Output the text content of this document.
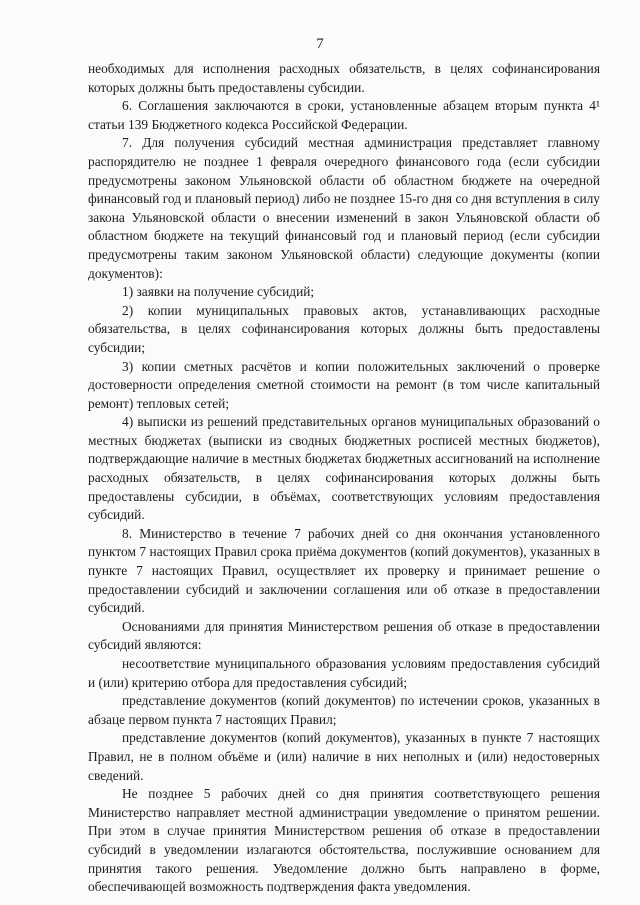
7

необходимых для исполнения расходных обязательств, в целях софинансирования которых должны быть предоставлены субсидии.

6. Соглашения заключаются в сроки, установленные абзацем вторым пункта 4¹ статьи 139 Бюджетного кодекса Российской Федерации.

7. Для получения субсидий местная администрация представляет главному распорядителю не позднее 1 февраля очередного финансового года (если субсидии предусмотрены законом Ульяновской области об областном бюджете на очередной финансовый год и плановый период) либо не позднее 15-го дня со дня вступления в силу закона Ульяновской области о внесении изменений в закон Ульяновской области об областном бюджете на текущий финансовый год и плановый период (если субсидии предусмотрены таким законом Ульяновской области) следующие документы (копии документов):

1) заявки на получение субсидий;

2) копии муниципальных правовых актов, устанавливающих расходные обязательства, в целях софинансирования которых должны быть предоставлены субсидии;

3) копии сметных расчётов и копии положительных заключений о проверке достоверности определения сметной стоимости на ремонт (в том числе капитальный ремонт) тепловых сетей;

4) выписки из решений представительных органов муниципальных образований о местных бюджетах (выписки из сводных бюджетных росписей местных бюджетов), подтверждающие наличие в местных бюджетах бюджетных ассигнований на исполнение расходных обязательств, в целях софинансирования которых должны быть предоставлены субсидии, в объёмах, соответствующих условиям предоставления субсидий.

8. Министерство в течение 7 рабочих дней со дня окончания установленного пунктом 7 настоящих Правил срока приёма документов (копий документов), указанных в пункте 7 настоящих Правил, осуществляет их проверку и принимает решение о предоставлении субсидий и заключении соглашения или об отказе в предоставлении субсидий.

Основаниями для принятия Министерством решения об отказе в предоставлении субсидий являются:

несоответствие муниципального образования условиям предоставления субсидий и (или) критерию отбора для предоставления субсидий;

представление документов (копий документов) по истечении сроков, указанных в абзаце первом пункта 7 настоящих Правил;

представление документов (копий документов), указанных в пункте 7 настоящих Правил, не в полном объёме и (или) наличие в них неполных и (или) недостоверных сведений.

Не позднее 5 рабочих дней со дня принятия соответствующего решения Министерство направляет местной администрации уведомление о принятом решении. При этом в случае принятия Министерством решения об отказе в предоставлении субсидий в уведомлении излагаются обстоятельства, послужившие основанием для принятия такого решения. Уведомление должно быть направлено в форме, обеспечивающей возможность подтверждения факта уведомления.
